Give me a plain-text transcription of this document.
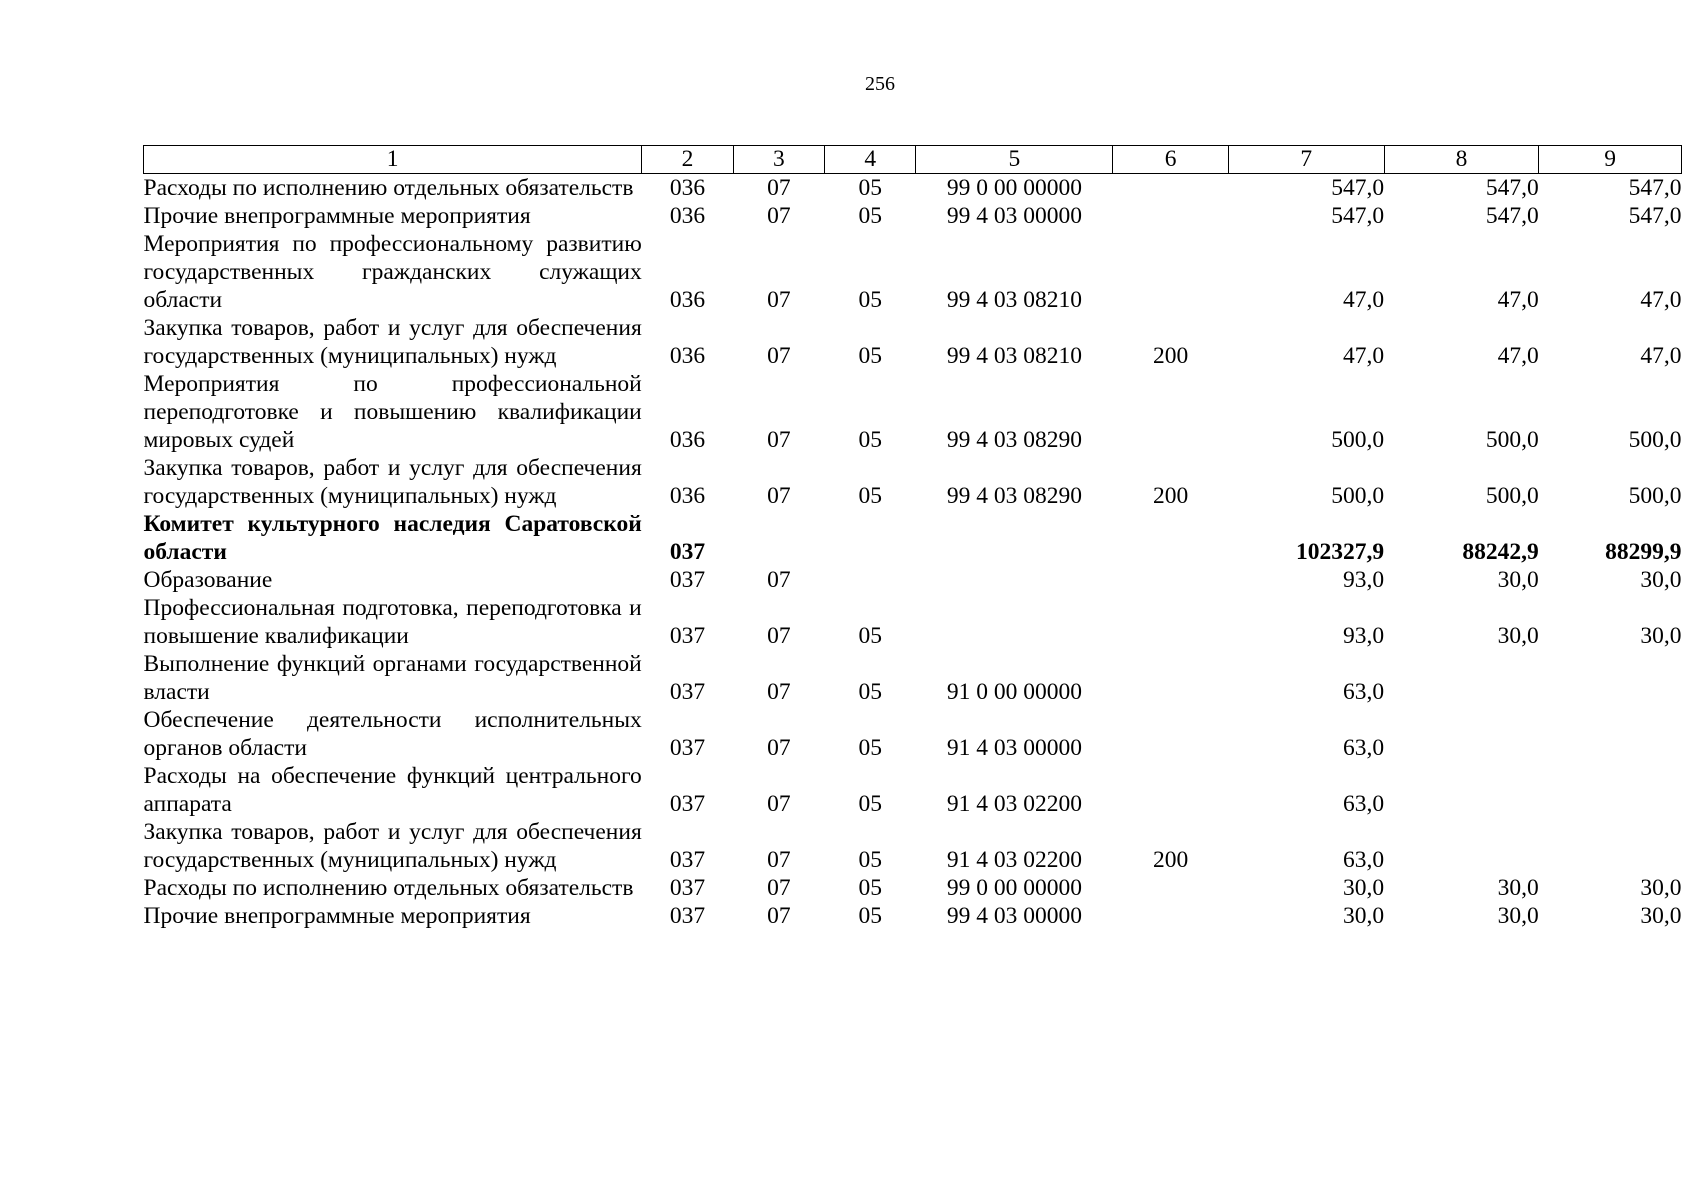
256
1	2	3	4	5	6	7	8	9
Расходы по исполнению отдельных обязательств	036	07	05	99 0 00 00000		547,0	547,0	547,0
Прочие внепрограммные мероприятия	036	07	05	99 4 03 00000		547,0	547,0	547,0
Мероприятия по профессиональному развитию государственных гражданских служащих области	036	07	05	99 4 03 08210		47,0	47,0	47,0
Закупка товаров, работ и услуг для обеспечения государственных (муниципальных) нужд	036	07	05	99 4 03 08210	200	47,0	47,0	47,0
Мероприятия по профессиональной переподготовке и повышению квалификации мировых судей	036	07	05	99 4 03 08290		500,0	500,0	500,0
Закупка товаров, работ и услуг для обеспечения государственных (муниципальных) нужд	036	07	05	99 4 03 08290	200	500,0	500,0	500,0
Комитет культурного наследия Саратовской области	037					102327,9	88242,9	88299,9
Образование	037	07				93,0	30,0	30,0
Профессиональная подготовка, переподготовка и повышение квалификации	037	07	05			93,0	30,0	30,0
Выполнение функций органами государственной власти	037	07	05	91 0 00 00000		63,0		
Обеспечение деятельности исполнительных органов области	037	07	05	91 4 03 00000		63,0		
Расходы на обеспечение функций центрального аппарата	037	07	05	91 4 03 02200		63,0		
Закупка товаров, работ и услуг для обеспечения государственных (муниципальных) нужд	037	07	05	91 4 03 02200	200	63,0		
Расходы по исполнению отдельных обязательств	037	07	05	99 0 00 00000		30,0	30,0	30,0
Прочие внепрограммные мероприятия	037	07	05	99 4 03 00000		30,0	30,0	30,0
